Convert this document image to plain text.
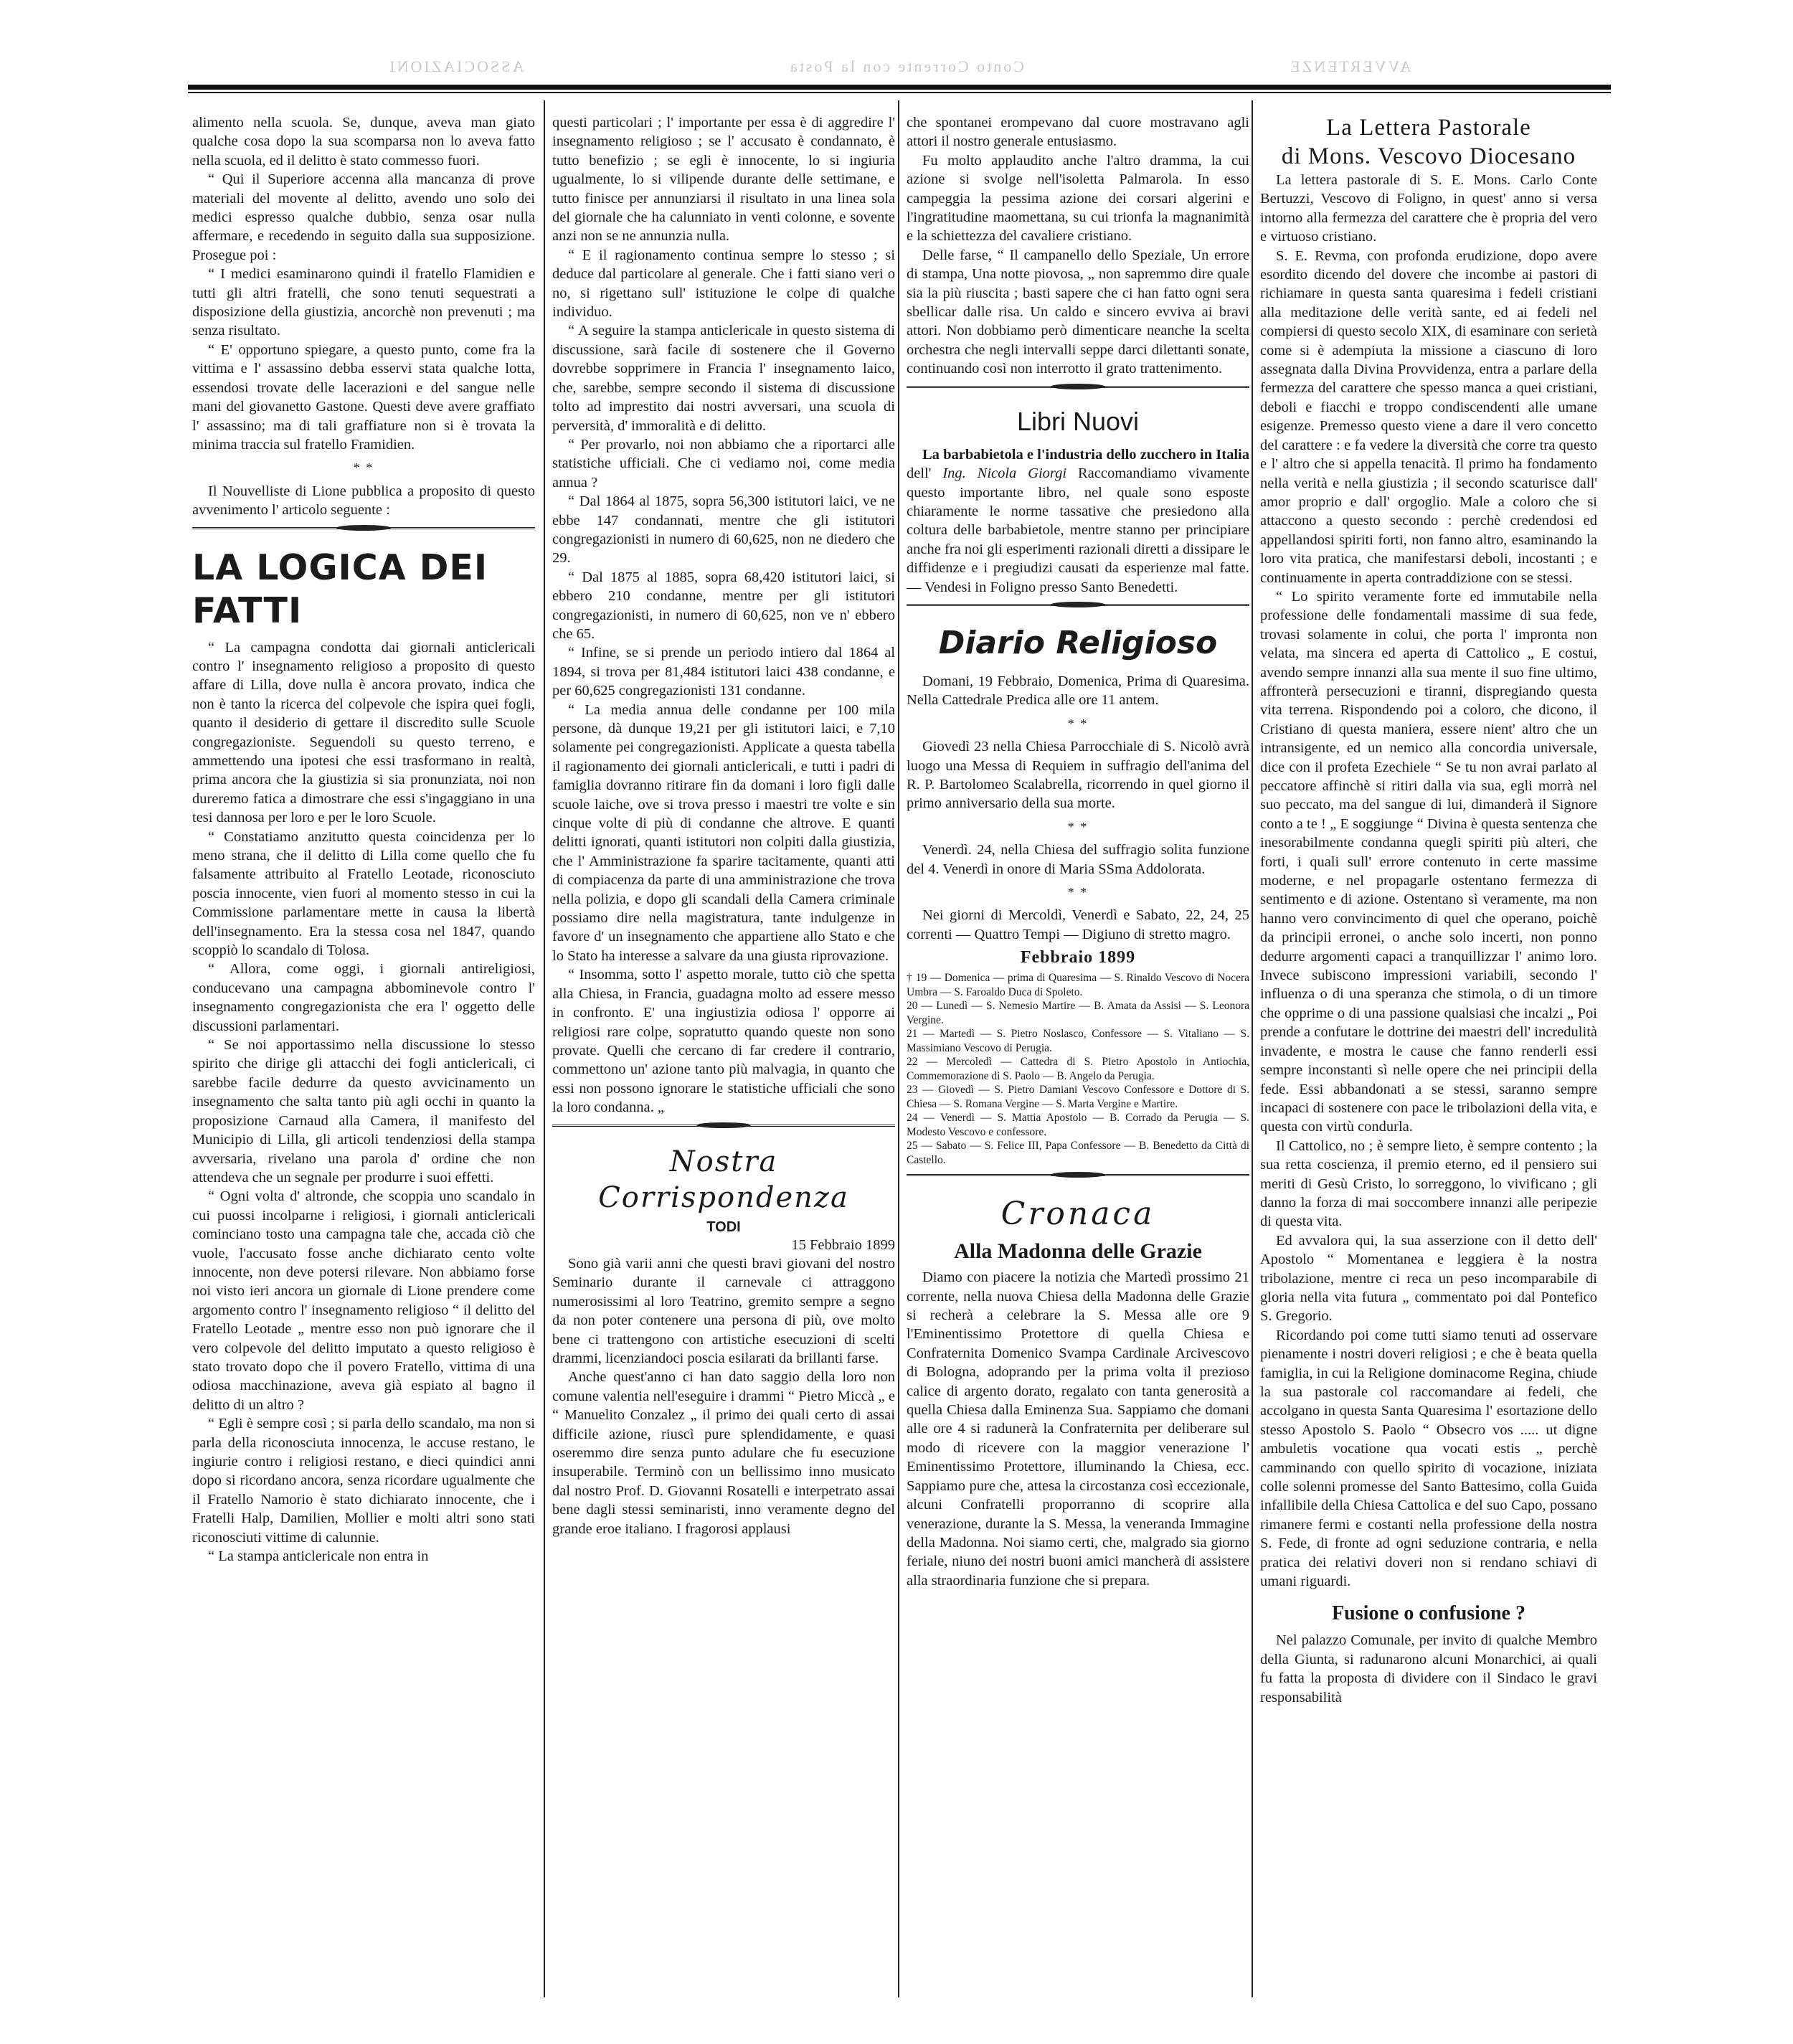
AVVERTENZE Conto Corrente con la Posta ASSOCIAZIONI

alimento nella scuola. Se, dunque, aveva man giato qualche cosa dopo la sua scomparsa non lo aveva fatto nella scuola, ed il delitto è stato commesso fuori.

“ Qui il Superiore accenna alla mancanza di prove materiali del movente al delitto, avendo uno solo dei medici espresso qualche dubbio, senza osar nulla affermare, e recedendo in seguito dalla sua supposizione. Prosegue poi :

“ I medici esaminarono quindi il fratello Flamidien e tutti gli altri fratelli, che sono tenuti sequestrati a disposizione della giustizia, ancorchè non prevenuti ; ma senza risultato.

“ E' opportuno spiegare, a questo punto, come fra la vittima e l' assassino debba esservi stata qualche lotta, essendosi trovate delle lacerazioni e del sangue nelle mani del giovanetto Gastone. Questi deve avere graffiato l' assassino; ma di tali graffiature non si è trovata la minima traccia sul fratello Framidien.

* *

Il Nouvelliste di Lione pubblica a proposito di questo avvenimento l' articolo seguente :

LA LOGICA DEI FATTI

“ La campagna condotta dai giornali anticlericali contro l' insegnamento religioso a proposito di questo affare di Lilla, dove nulla è ancora provato, indica che non è tanto la ricerca del colpevole che ispira quei fogli, quanto il desiderio di gettare il discredito sulle Scuole congregazioniste. Seguendoli su questo terreno, e ammettendo una ipotesi che essi trasformano in realtà, prima ancora che la giustizia si sia pronunziata, noi non dureremo fatica a dimostrare che essi s'ingaggiano in una tesi dannosa per loro e per le loro Scuole.

“ Constatiamo anzitutto questa coincidenza per lo meno strana, che il delitto di Lilla come quello che fu falsamente attribuito al Fratello Leotade, riconosciuto poscia innocente, vien fuori al momento stesso in cui la Commissione parlamentare mette in causa la libertà dell'insegnamento. Era la stessa cosa nel 1847, quando scoppiò lo scandalo di Tolosa.

“ Allora, come oggi, i giornali antireligiosi, conducevano una campagna abbominevole contro l' insegnamento congregazionista che era l' oggetto delle discussioni parlamentari.

“ Se noi apportassimo nella discussione lo stesso spirito che dirige gli attacchi dei fogli anticlericali, ci sarebbe facile dedurre da questo avvicinamento un insegnamento che salta tanto più agli occhi in quanto la proposizione Carnaud alla Camera, il manifesto del Municipio di Lilla, gli articoli tendenziosi della stampa avversaria, rivelano una parola d' ordine che non attendeva che un segnale per produrre i suoi effetti.

“ Ogni volta d' altronde, che scoppia uno scandalo in cui puossi incolparne i religiosi, i giornali anticlericali cominciano tosto una campagna tale che, accada ciò che vuole, l'accusato fosse anche dichiarato cento volte innocente, non deve potersi rilevare. Non abbiamo forse noi visto ieri ancora un giornale di Lione prendere come argomento contro l' insegnamento religioso “ il delitto del Fratello Leotade „ mentre esso non può ignorare che il vero colpevole del delitto imputato a questo religioso è stato trovato dopo che il povero Fratello, vittima di una odiosa macchinazione, aveva già espiato al bagno il delitto di un altro ?

“ Egli è sempre così ; si parla dello scandalo, ma non si parla della riconosciuta innocenza, le accuse restano, le ingiurie contro i religiosi restano, e dieci quindici anni dopo si ricordano ancora, senza ricordare ugualmente che il Fratello Namorio è stato dichiarato innocente, che i Fratelli Halp, Damilien, Mollier e molti altri sono stati riconosciuti vittime di calunnie.

“ La stampa anticlericale non entra in

questi particolari ; l' importante per essa è di aggredire l' insegnamento religioso ; se l' accusato è condannato, è tutto benefizio ; se egli è innocente, lo si ingiuria ugualmente, lo si vilipende durante delle settimane, e tutto finisce per annunziarsi il risultato in una linea sola del giornale che ha calunniato in venti colonne, e sovente anzi non se ne annunzia nulla.

“ E il ragionamento continua sempre lo stesso ; si deduce dal particolare al generale. Che i fatti siano veri o no, si rigettano sull' istituzione le colpe di qualche individuo.

“ A seguire la stampa anticlericale in questo sistema di discussione, sarà facile di sostenere che il Governo dovrebbe sopprimere in Francia l' insegnamento laico, che, sarebbe, sempre secondo il sistema di discussione tolto ad imprestito dai nostri avversari, una scuola di perversità, d' immoralità e di delitto.

“ Per provarlo, noi non abbiamo che a riportarci alle statistiche ufficiali. Che ci vediamo noi, come media annua ?

“ Dal 1864 al 1875, sopra 56,300 istitutori laici, ve ne ebbe 147 condannati, mentre che gli istitutori congregazionisti in numero di 60,625, non ne diedero che 29.

“ Dal 1875 al 1885, sopra 68,420 istitutori laici, si ebbero 210 condanne, mentre per gli istitutori congregazionisti, in numero di 60,625, non ve n' ebbero che 65.

“ Infine, se si prende un periodo intiero dal 1864 al 1894, si trova per 81,484 istitutori laici 438 condanne, e per 60,625 congregazionisti 131 condanne.

“ La media annua delle condanne per 100 mila persone, dà dunque 19,21 per gli istitutori laici, e 7,10 solamente pei congregazionisti. Applicate a questa tabella il ragionamento dei giornali anticlericali, e tutti i padri di famiglia dovranno ritirare fin da domani i loro figli dalle scuole laiche, ove si trova presso i maestri tre volte e sin cinque volte di più di condanne che altrove. E quanti delitti ignorati, quanti istitutori non colpiti dalla giustizia, che l' Amministrazione fa sparire tacitamente, quanti atti di compiacenza da parte di una amministrazione che trova nella polizia, e dopo gli scandali della Camera criminale possiamo dire nella magistratura, tante indulgenze in favore d' un insegnamento che appartiene allo Stato e che lo Stato ha interesse a salvare da una giusta riprovazione.

“ Insomma, sotto l' aspetto morale, tutto ciò che spetta alla Chiesa, in Francia, guadagna molto ad essere messo in confronto. E' una ingiustizia odiosa l' opporre ai religiosi rare colpe, sopratutto quando queste non sono provate. Quelli che cercano di far credere il contrario, commettono un' azione tanto più malvagia, in quanto che essi non possono ignorare le statistiche ufficiali che sono la loro condanna. „

Nostra Corrispondenza
TODI
15 Febbraio 1899

Sono già varii anni che questi bravi giovani del nostro Seminario durante il carnevale ci attraggono numerosissimi al loro Teatrino, gremito sempre a segno da non poter contenere una persona di più, ove molto bene ci trattengono con artistiche esecuzioni di scelti drammi, licenziandoci poscia esilarati da brillanti farse.

Anche quest'anno ci han dato saggio della loro non comune valentia nell'eseguire i drammi “ Pietro Miccà „ e “ Manuelito Conzalez „ il primo dei quali certo di assai difficile azione, riuscì pure splendidamente, e quasi oseremmo dire senza punto adulare che fu esecuzione insuperabile. Terminò con un bellissimo inno musicato dal nostro Prof. D. Giovanni Rosatelli e interpetrato assai bene dagli stessi seminaristi, inno veramente degno del grande eroe italiano. I fragorosi applausi

che spontanei erompevano dal cuore mostravano agli attori il nostro generale entusiasmo.

Fu molto applaudito anche l'altro dramma, la cui azione si svolge nell'isoletta Palmarola. In esso campeggia la pessima azione dei corsari algerini e l'ingratitudine maomettana, su cui trionfa la magnanimità e la schiettezza del cavaliere cristiano.

Delle farse, “ Il campanello dello Speziale, Un errore di stampa, Una notte piovosa, „ non sapremmo dire quale sia la più riuscita ; basti sapere che ci han fatto ogni sera sbellicar dalle risa. Un caldo e sincero evviva ai bravi attori. Non dobbiamo però dimenticare neanche la scelta orchestra che negli intervalli seppe darci dilettanti sonate, continuando così non interrotto il grato trattenimento.

Libri Nuovi

La barbabietola e l'industria dello zucchero in Italia dell' Ing. Nicola Giorgi Raccomandiamo vivamente questo importante libro, nel quale sono esposte chiaramente le norme tassative che presiedono alla coltura delle barbabietole, mentre stanno per principiare anche fra noi gli esperimenti razionali diretti a dissipare le diffidenze e i pregiudizi causati da esperienze mal fatte. — Vendesi in Foligno presso Santo Benedetti.

Diario Religioso

Domani, 19 Febbraio, Domenica, Prima di Quaresima. Nella Cattedrale Predica alle ore 11 antem.

* *

Giovedì 23 nella Chiesa Parrocchiale di S. Nicolò avrà luogo una Messa di Requiem in suffragio dell'anima del R. P. Bartolomeo Scalabrella, ricorrendo in quel giorno il primo anniversario della sua morte.

* *

Venerdì. 24, nella Chiesa del suffragio solita funzione del 4. Venerdì in onore di Maria SSma Addolorata.

* *

Nei giorni di Mercoldì, Venerdì e Sabato, 22, 24, 25 correnti — Quattro Tempi — Digiuno di stretto magro.

Febbraio 1899

† 19 — Domenica — prima di Quaresima — S. Rinaldo Vescovo di Nocera Umbra — S. Faroaldo Duca di Spoleto.

20 — Lunedì — S. Nemesio Martire — B. Amata da Assisi — S. Leonora Vergine.

21 — Martedì — S. Pietro Noslasco, Confessore — S. Vitaliano — S. Massimiano Vescovo di Perugia.

22 — Mercoledì — Cattedra di S. Pietro Apostolo in Antiochia, Commemorazione di S. Paolo — B. Angelo da Perugia.

23 — Giovedì — S. Pietro Damiani Vescovo Confessore e Dottore di S. Chiesa — S. Romana Vergine — S. Marta Vergine e Martire.

24 — Venerdì — S. Mattia Apostolo — B. Corrado da Perugia — S. Modesto Vescovo e confessore.

25 — Sabato — S. Felice III, Papa Confessore — B. Benedetto da Città di Castello.

Cronaca
Alla Madonna delle Grazie

Diamo con piacere la notizia che Martedì prossimo 21 corrente, nella nuova Chiesa della Madonna delle Grazie si recherà a celebrare la S. Messa alle ore 9 l'Eminentissimo Protettore di quella Chiesa e Confraternita Domenico Svampa Cardinale Arcivescovo di Bologna, adoprando per la prima volta il prezioso calice di argento dorato, regalato con tanta generosità a quella Chiesa dalla Eminenza Sua. Sappiamo che domani alle ore 4 si radunerà la Confraternita per deliberare sul modo di ricevere con la maggior venerazione l' Eminentissimo Protettore, illuminando la Chiesa, ecc. Sappiamo pure che, attesa la circostanza così eccezionale, alcuni Confratelli proporranno di scoprire alla venerazione, durante la S. Messa, la veneranda Immagine della Madonna. Noi siamo certi, che, malgrado sia giorno feriale, niuno dei nostri buoni amici mancherà di assistere alla straordinaria funzione che si prepara.

La Lettera Pastorale
di Mons. Vescovo Diocesano

La lettera pastorale di S. E. Mons. Carlo Conte Bertuzzi, Vescovo di Foligno, in quest' anno si versa intorno alla fermezza del carattere che è propria del vero e virtuoso cristiano.

S. E. Revma, con profonda erudizione, dopo avere esordito dicendo del dovere che incombe ai pastori di richiamare in questa santa quaresima i fedeli cristiani alla meditazione delle verità sante, ed ai fedeli nel compiersi di questo secolo XIX, di esaminare con serietà come si è adempiuta la missione a ciascuno di loro assegnata dalla Divina Provvidenza, entra a parlare della fermezza del carattere che spesso manca a quei cristiani, deboli e fiacchi e troppo condiscendenti alle umane esigenze. Premesso questo viene a dare il vero concetto del carattere : e fa vedere la diversità che corre tra questo e l' altro che si appella tenacità. Il primo ha fondamento nella verità e nella giustizia ; il secondo scaturisce dall' amor proprio e dall' orgoglio. Male a coloro che si attaccono a questo secondo : perchè credendosi ed appellandosi spiriti forti, non fanno altro, esaminando la loro vita pratica, che manifestarsi deboli, incostanti ; e continuamente in aperta contraddizione con se stessi.

“ Lo spirito veramente forte ed immutabile nella professione delle fondamentali massime di sua fede, trovasi solamente in colui, che porta l' impronta non velata, ma sincera ed aperta di Cattolico „ E costui, avendo sempre innanzi alla sua mente il suo fine ultimo, affronterà persecuzioni e tiranni, dispregiando questa vita terrena. Rispondendo poi a coloro, che dicono, il Cristiano di questa maniera, essere nient' altro che un intransigente, ed un nemico alla concordia universale, dice con il profeta Ezechiele “ Se tu non avrai parlato al peccatore affinchè si ritiri dalla via sua, egli morrà nel suo peccato, ma del sangue di lui, dimanderà il Signore conto a te ! „ E soggiunge “ Divina è questa sentenza che inesorabilmente condanna quegli spiriti più alteri, che forti, i quali sull' errore contenuto in certe massime moderne, e nel propagarle ostentano fermezza di sentimento e di azione. Ostentano sì veramente, ma non hanno vero convincimento di quel che operano, poichè da principii erronei, o anche solo incerti, non ponno dedurre argomenti capaci a tranquillizzar l' animo loro. Invece subiscono impressioni variabili, secondo l' influenza o di una speranza che stimola, o di un timore che opprime o di una passione qualsiasi che incalzi „ Poi prende a confutare le dottrine dei maestri dell' incredulità invadente, e mostra le cause che fanno renderli essi sempre inconstanti sì nelle opere che nei principii della fede. Essi abbandonati a se stessi, saranno sempre incapaci di sostenere con pace le tribolazioni della vita, e questa con virtù condurla.

Il Cattolico, no ; è sempre lieto, è sempre contento ; la sua retta coscienza, il premio eterno, ed il pensiero sui meriti di Gesù Cristo, lo sorreggono, lo vivificano ; gli danno la forza di mai soccombere innanzi alle peripezie di questa vita.

Ed avvalora qui, la sua asserzione con il detto dell' Apostolo “ Momentanea e leggiera è la nostra tribolazione, mentre ci reca un peso incomparabile di gloria nella vita futura „ commentato poi dal Pontefico S. Gregorio.

Ricordando poi come tutti siamo tenuti ad osservare pienamente i nostri doveri religiosi ; e che è beata quella famiglia, in cui la Religione dominacome Regina, chiude la sua pastorale col raccomandare ai fedeli, che accolgano in questa Santa Quaresima l' esortazione dello stesso Apostolo S. Paolo “ Obsecro vos ..... ut digne ambuletis vocatione qua vocati estis „ perchè camminando con quello spirito di vocazione, iniziata colle solenni promesse del Santo Battesimo, colla Guida infallibile della Chiesa Cattolica e del suo Capo, possano rimanere fermi e costanti nella professione della nostra S. Fede, di fronte ad ogni seduzione contraria, e nella pratica dei relativi doveri non si rendano schiavi di umani riguardi.

Fusione o confusione ?

Nel palazzo Comunale, per invito di qualche Membro della Giunta, si radunarono alcuni Monarchici, ai quali fu fatta la proposta di dividere con il Sindaco le gravi responsabilità
